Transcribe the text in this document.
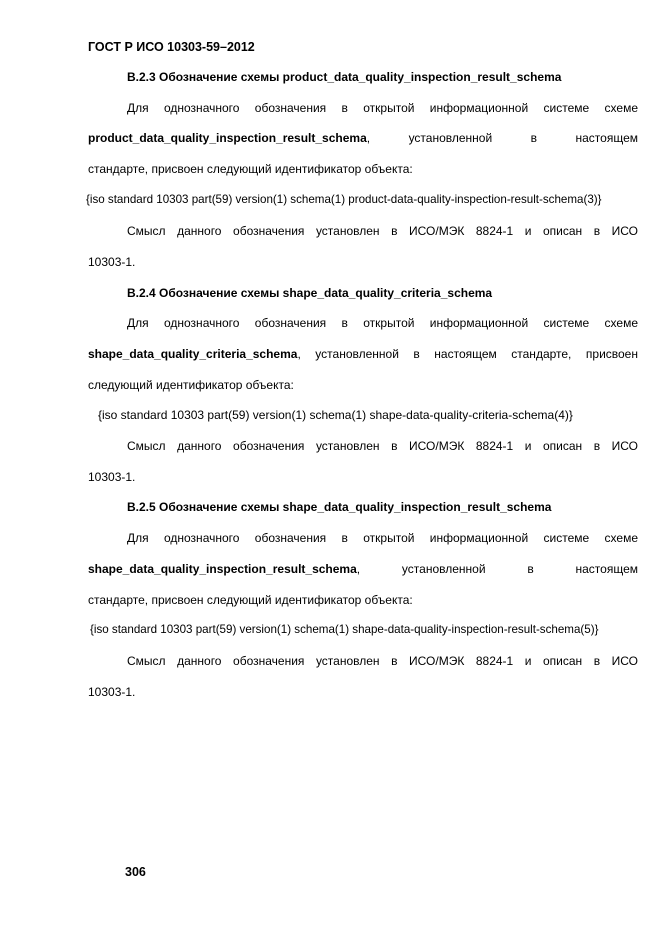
ГОСТ Р ИСО 10303-59–2012
В.2.3 Обозначение схемы product_data_quality_inspection_result_schema
Для однозначного обозначения в открытой информационной системе схеме
product_data_quality_inspection_result_schema, установленной в настоящем
стандарте, присвоен следующий идентификатор объекта:
{iso standard 10303 part(59) version(1) schema(1) product-data-quality-inspection-result-schema(3)}
Смысл данного обозначения установлен в ИСО/МЭК 8824-1 и описан в ИСО
10303-1.
В.2.4 Обозначение схемы shape_data_quality_criteria_schema
Для однозначного обозначения в открытой информационной системе схеме
shape_data_quality_criteria_schema, установленной в настоящем стандарте, присвоен
следующий идентификатор объекта:
{iso standard 10303 part(59) version(1) schema(1) shape-data-quality-criteria-schema(4)}
Смысл данного обозначения установлен в ИСО/МЭК 8824-1 и описан в ИСО
10303-1.
В.2.5 Обозначение схемы shape_data_quality_inspection_result_schema
Для однозначного обозначения в открытой информационной системе схеме
shape_data_quality_inspection_result_schema, установленной в настоящем
стандарте, присвоен следующий идентификатор объекта:
{iso standard 10303 part(59) version(1) schema(1) shape-data-quality-inspection-result-schema(5)}
Смысл данного обозначения установлен в ИСО/МЭК 8824-1 и описан в ИСО
10303-1.
306
